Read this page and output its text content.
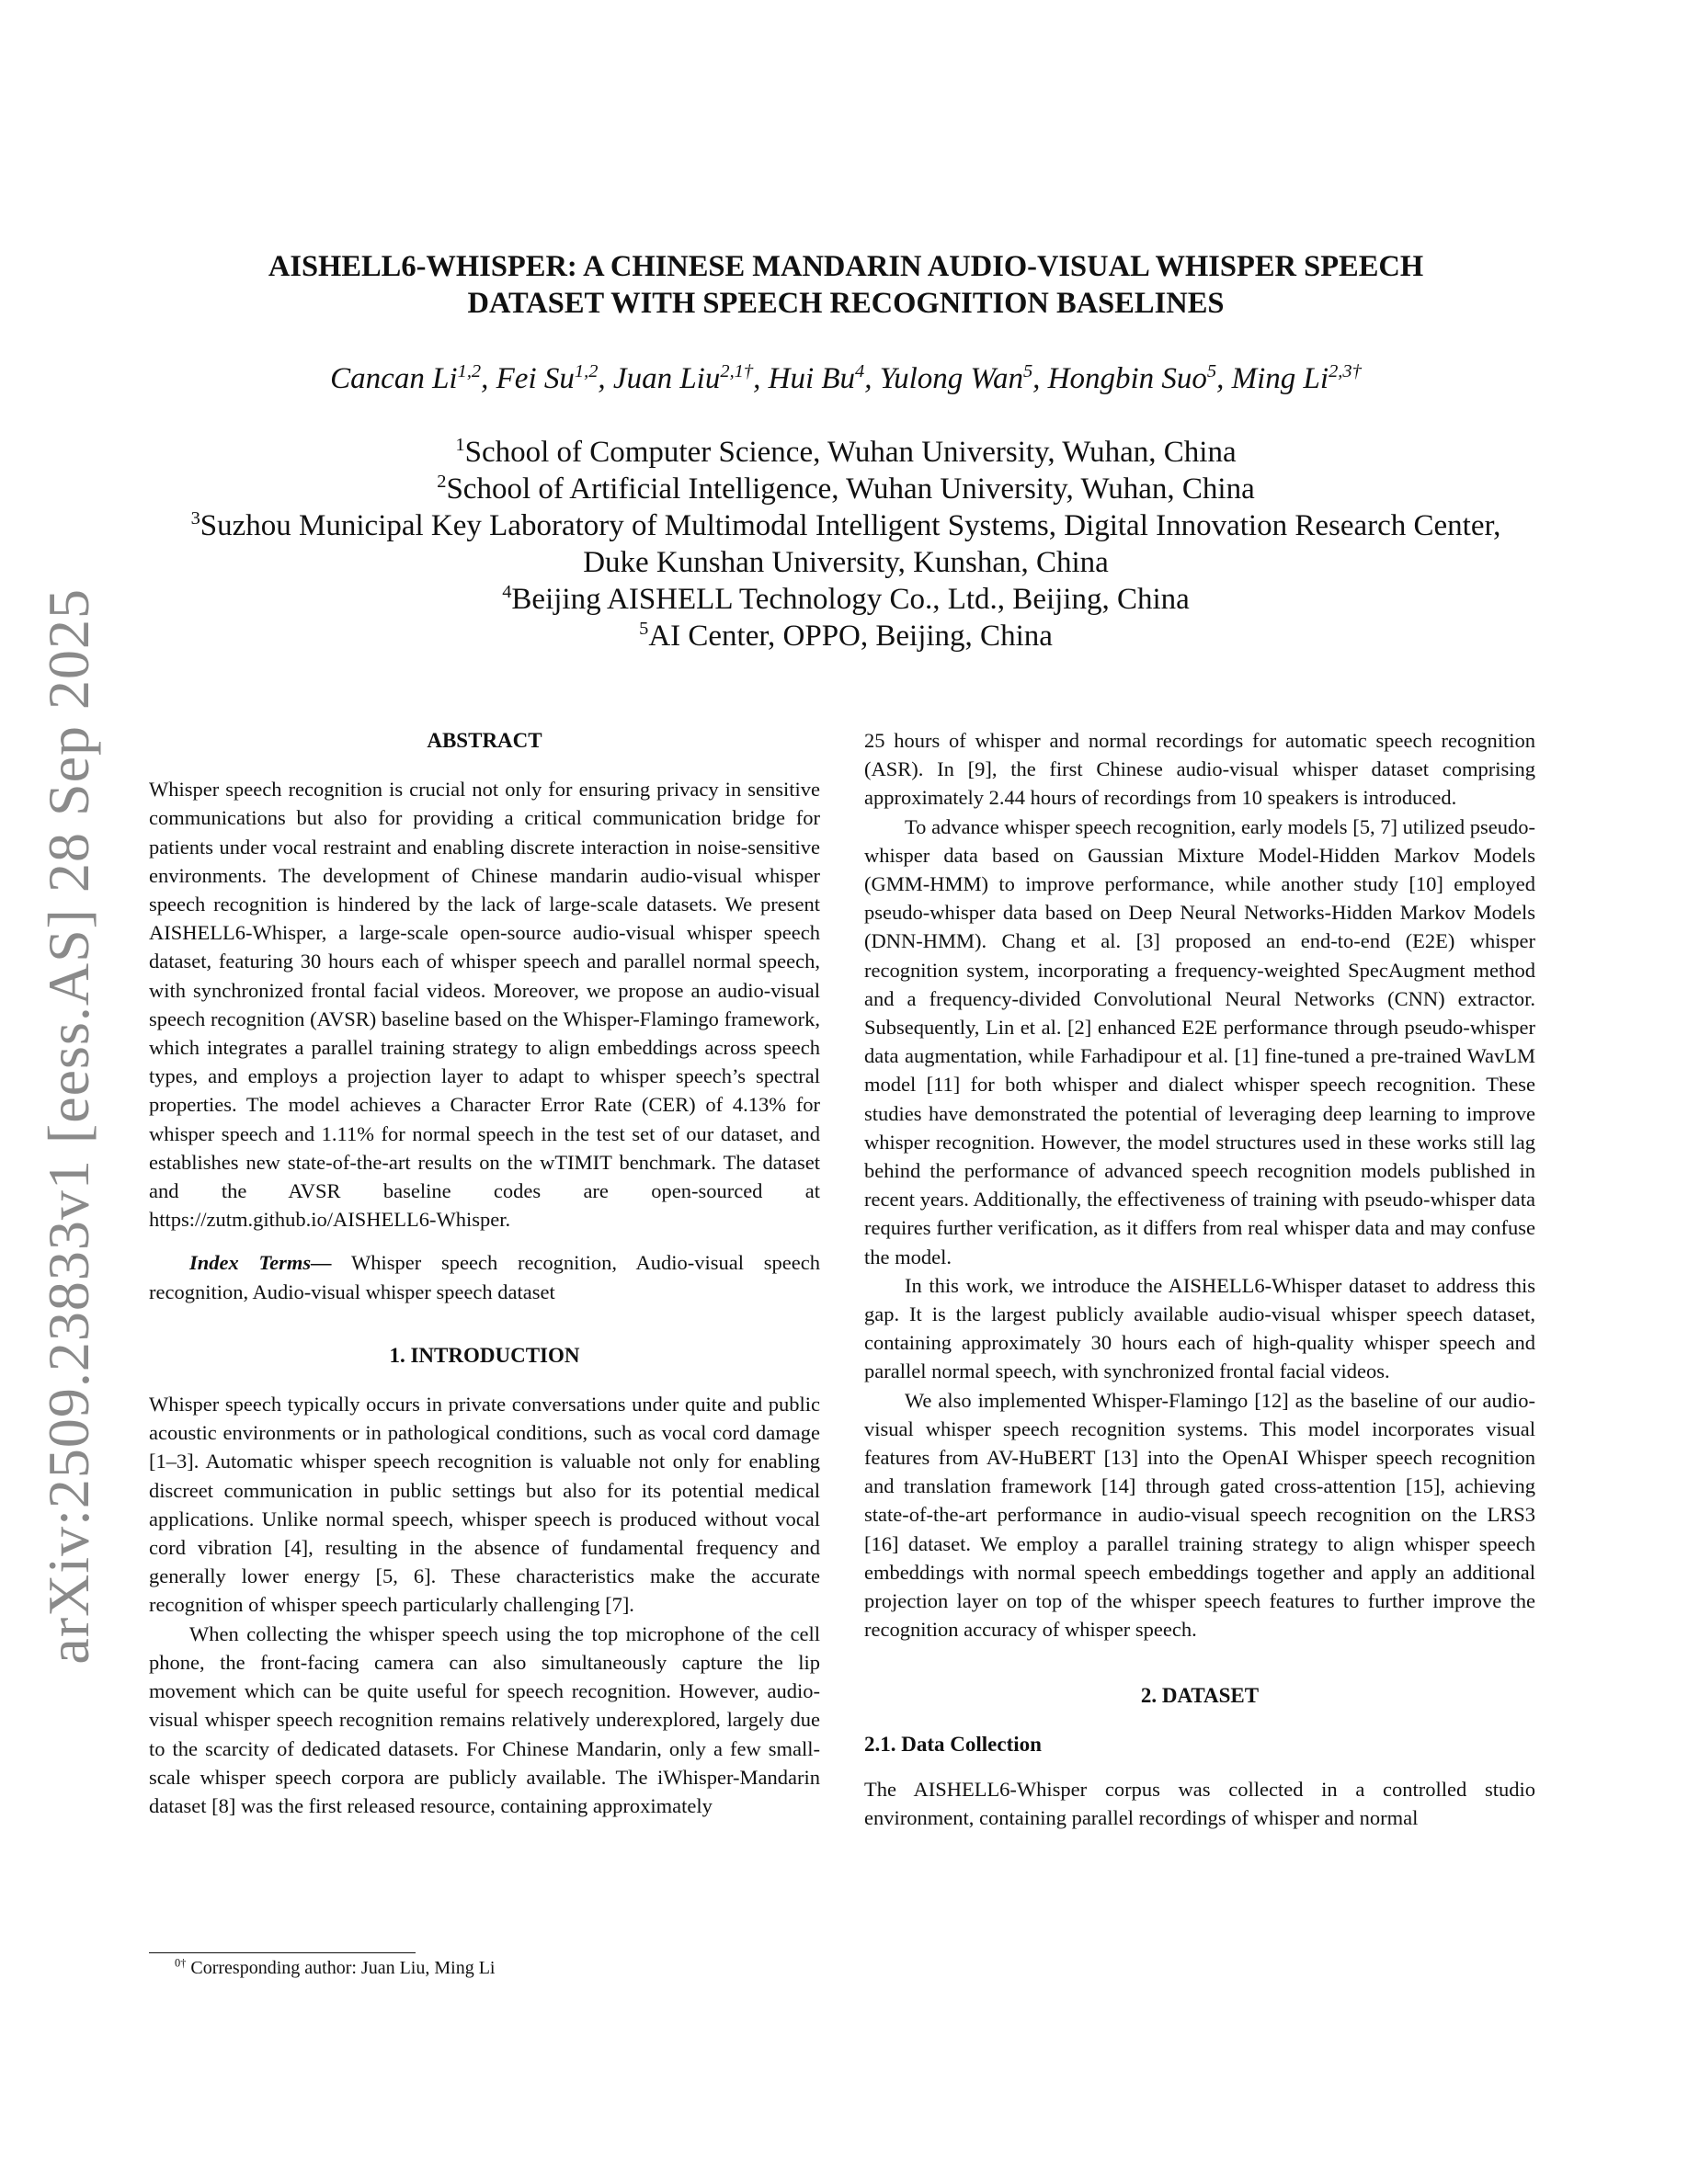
arXiv:2509.23833v1 [eess.AS] 28 Sep 2025
AISHELL6-WHISPER: A CHINESE MANDARIN AUDIO-VISUAL WHISPER SPEECH
DATASET WITH SPEECH RECOGNITION BASELINES
Cancan Li$^{1,2}$, Fei Su$^{1,2}$, Juan Liu$^{2,1\dagger}$, Hui Bu$^4$, Yulong Wan$^5$, Hongbin Suo$^5$, Ming $Li^{2,3\dagger}$
$^1$School of Computer Science, Wuhan University, Wuhan, China
$^2$School of Artificial Intelligence, Wuhan University, Wuhan, China
$^3$Suzhou Municipal Key Laboratory of Multimodal Intelligent Systems, Digital Innovation Research Center,
Duke Kunshan University, Kunshan, China
$^4$Beijing AISHELL Technology Co., Ltd., Beijing, China
$^5$AI Center, OPPO, Beijing, China
ABSTRACT

Whisper speech recognition is crucial not only for ensuring privacy in sensitive communications but also for providing a critical communication bridge for patients under vocal restraint and enabling discrete interaction in noise-sensitive environments. The development of Chinese mandarin audio-visual whisper speech recognition is hindered by the lack of large-scale datasets. We present AISHELL6-Whisper, a large-scale open-source audio-visual whisper speech dataset, featuring 30 hours each of whisper speech and parallel normal speech, with synchronized frontal facial videos. Moreover, we propose an audio-visual speech recognition (AVSR) baseline based on the Whisper-Flamingo framework, which integrates a parallel training strategy to align embeddings across speech types, and employs a projection layer to adapt to whisper speech’s spectral properties. The model achieves a Character Error Rate (CER) of 4.13% for whisper speech and 1.11% for normal speech in the test set of our dataset, and establishes new state-of-the-art results on the wTIMIT benchmark. The dataset and the AVSR baseline codes are open-sourced at https://zutm.github.io/AISHELL6-Whisper.

Index Terms— Whisper speech recognition, Audio-visual speech recognition, Audio-visual whisper speech dataset

1. INTRODUCTION

Whisper speech typically occurs in private conversations under quite and public acoustic environments or in pathological conditions, such as vocal cord damage [1–3]. Automatic whisper speech recognition is valuable not only for enabling discreet communication in public settings but also for its potential medical applications. Unlike normal speech, whisper speech is produced without vocal cord vibration [4], resulting in the absence of fundamental frequency and generally lower energy [5, 6]. These characteristics make the accurate recognition of whisper speech particularly challenging [7].

When collecting the whisper speech using the top microphone of the cell phone, the front-facing camera can also simultaneously capture the lip movement which can be quite useful for speech recognition. However, audio-visual whisper speech recognition remains relatively underexplored, largely due to the scarcity of dedicated datasets. For Chinese Mandarin, only a few small-scale whisper speech corpora are publicly available. The iWhisper-Mandarin dataset [8] was the first released resource, containing approximately

25 hours of whisper and normal recordings for automatic speech recognition (ASR). In [9], the first Chinese audio-visual whisper dataset comprising approximately 2.44 hours of recordings from 10 speakers is introduced.

To advance whisper speech recognition, early models [5, 7] utilized pseudo-whisper data based on Gaussian Mixture Model-Hidden Markov Models (GMM-HMM) to improve performance, while another study [10] employed pseudo-whisper data based on Deep Neural Networks-Hidden Markov Models (DNN-HMM). Chang et al. [3] proposed an end-to-end (E2E) whisper recognition system, incorporating a frequency-weighted SpecAugment method and a frequency-divided Convolutional Neural Networks (CNN) extractor. Subsequently, Lin et al. [2] enhanced E2E performance through pseudo-whisper data augmentation, while Farhadipour et al. [1] fine-tuned a pre-trained WavLM model [11] for both whisper and dialect whisper speech recognition. These studies have demonstrated the potential of leveraging deep learning to improve whisper recognition. However, the model structures used in these works still lag behind the performance of advanced speech recognition models published in recent years. Additionally, the effectiveness of training with pseudo-whisper data requires further verification, as it differs from real whisper data and may confuse the model.

In this work, we introduce the AISHELL6-Whisper dataset to address this gap. It is the largest publicly available audio-visual whisper speech dataset, containing approximately 30 hours each of high-quality whisper speech and parallel normal speech, with synchronized frontal facial videos.

We also implemented Whisper-Flamingo [12] as the baseline of our audio-visual whisper speech recognition systems. This model incorporates visual features from AV-HuBERT [13] into the OpenAI Whisper speech recognition and translation framework [14] through gated cross-attention [15], achieving state-of-the-art performance in audio-visual speech recognition on the LRS3 [16] dataset. We employ a parallel training strategy to align whisper speech embeddings with normal speech embeddings together and apply an additional projection layer on top of the whisper speech features to further improve the recognition accuracy of whisper speech.

2. DATASET
2.1. Data Collection

The AISHELL6-Whisper corpus was collected in a controlled studio environment, containing parallel recordings of whisper and normal

$^{0\dagger}$ Corresponding author: Juan Liu, Ming Li
